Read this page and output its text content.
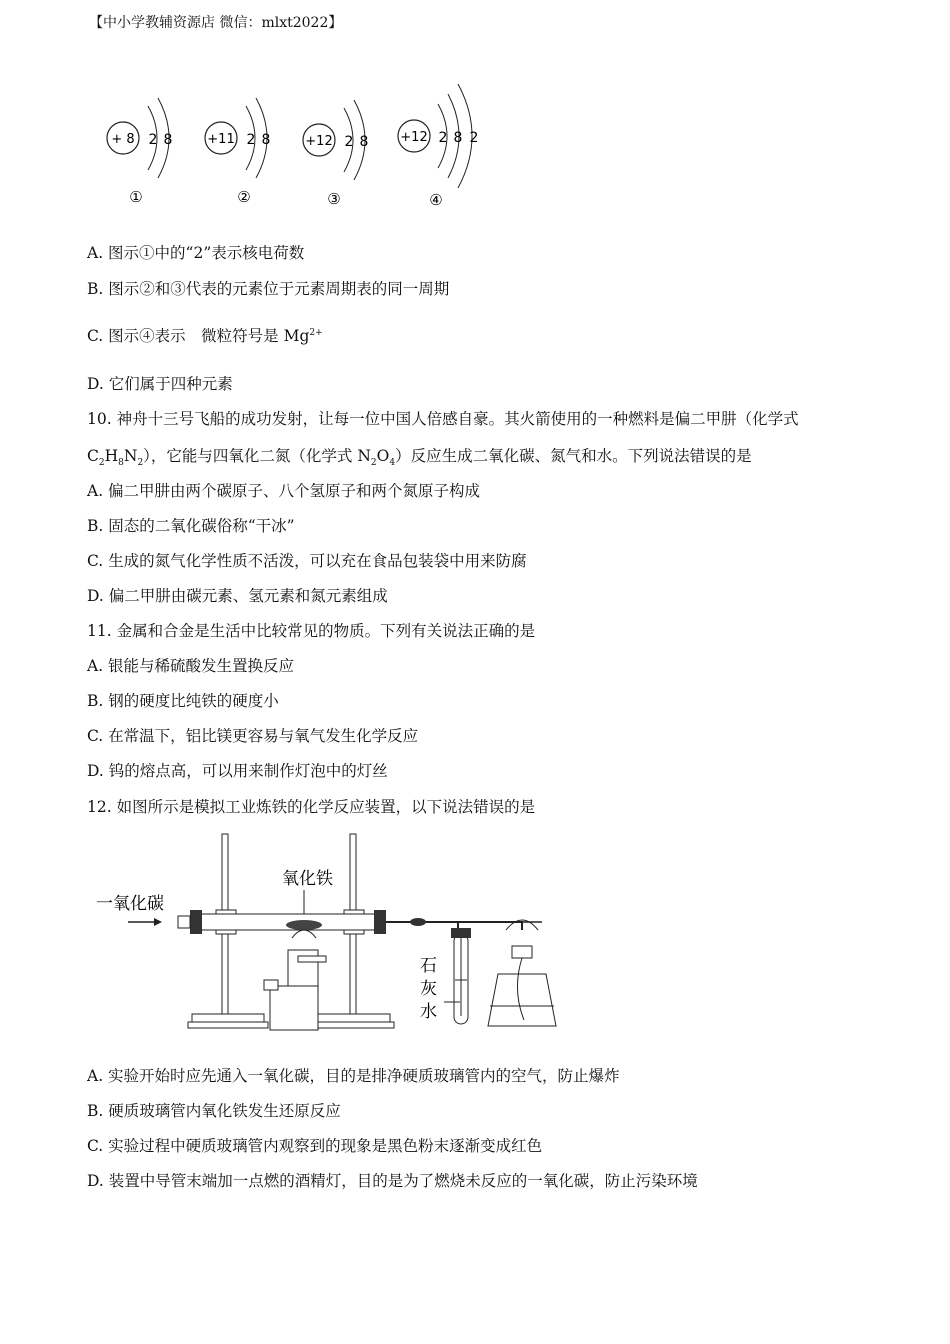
【中小学教辅资源店 微信：mlxt2022】
+ 8 2 8
①
+11 2 8
②
+12 2 8
③
+12 2 8 2
④
A. 图示①中的“2”表示核电荷数
B. 图示②和③代表的元素位于元素周期表的同一周期
C. 图示④表示　微粒符号是 $Mg^{2+}$
D. 它们属于四种元素
10. 神舟十三号飞船的成功发射，让每一位中国人倍感自豪。其火箭使用的一种燃料是偏二甲肼（化学式
$C_2H_8N_2$），它能与四氧化二氮（化学式 $N_2O_4$）反应生成二氧化碳、氮气和水。下列说法错误的是
A. 偏二甲肼由两个碳原子、八个氢原子和两个氮原子构成
B. 固态的二氧化碳俗称“干冰”
C. 生成的氮气化学性质不活泼，可以充在食品包装袋中用来防腐
D. 偏二甲肼由碳元素、氢元素和氮元素组成
11. 金属和合金是生活中比较常见的物质。下列有关说法正确的是
A. 银能与稀硫酸发生置换反应
B. 钢的硬度比纯铁的硬度小
C. 在常温下，铝比镁更容易与氧气发生化学反应
D. 钨的熔点高，可以用来制作灯泡中的灯丝
12. 如图所示是模拟工业炼铁的化学反应装置，以下说法错误的是
一氧化碳
氧化铁
石
灰
水
A. 实验开始时应先通入一氧化碳，目的是排净硬质玻璃管内的空气，防止爆炸
B. 硬质玻璃管内氧化铁发生还原反应
C. 实验过程中硬质玻璃管内观察到的现象是黑色粉末逐渐变成红色
D. 装置中导管末端加一点燃的酒精灯，目的是为了燃烧未反应的一氧化碳，防止污染环境
